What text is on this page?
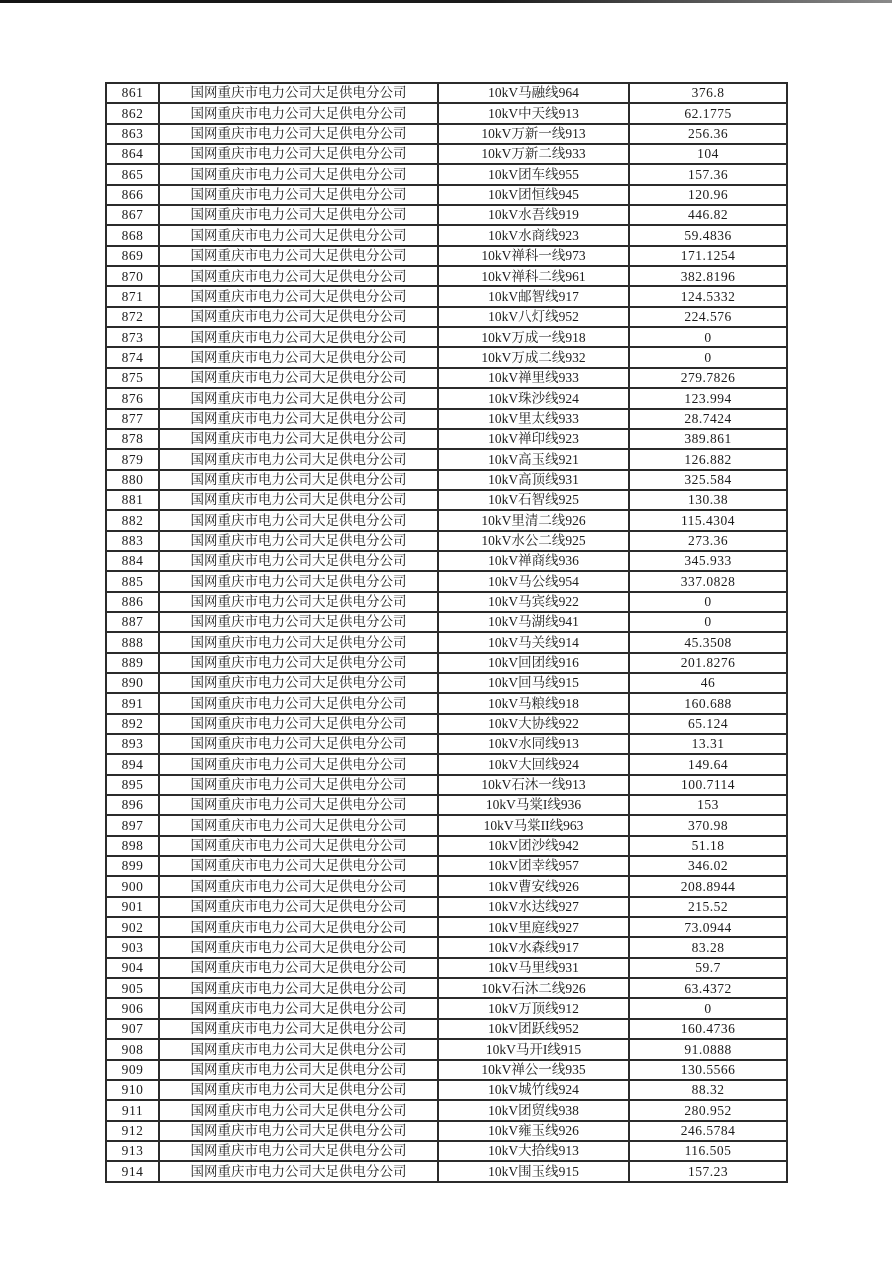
861	国网重庆市电力公司大足供电分公司	10kV马融线964	376.8
862	国网重庆市电力公司大足供电分公司	10kV中天线913	62.1775
863	国网重庆市电力公司大足供电分公司	10kV万新一线913	256.36
864	国网重庆市电力公司大足供电分公司	10kV万新二线933	104
865	国网重庆市电力公司大足供电分公司	10kV团车线955	157.36
866	国网重庆市电力公司大足供电分公司	10kV团恒线945	120.96
867	国网重庆市电力公司大足供电分公司	10kV水吾线919	446.82
868	国网重庆市电力公司大足供电分公司	10kV水商线923	59.4836
869	国网重庆市电力公司大足供电分公司	10kV禅科一线973	171.1254
870	国网重庆市电力公司大足供电分公司	10kV禅科二线961	382.8196
871	国网重庆市电力公司大足供电分公司	10kV邮智线917	124.5332
872	国网重庆市电力公司大足供电分公司	10kV八灯线952	224.576
873	国网重庆市电力公司大足供电分公司	10kV万成一线918	0
874	国网重庆市电力公司大足供电分公司	10kV万成二线932	0
875	国网重庆市电力公司大足供电分公司	10kV禅里线933	279.7826
876	国网重庆市电力公司大足供电分公司	10kV珠沙线924	123.994
877	国网重庆市电力公司大足供电分公司	10kV里太线933	28.7424
878	国网重庆市电力公司大足供电分公司	10kV禅印线923	389.861
879	国网重庆市电力公司大足供电分公司	10kV高玉线921	126.882
880	国网重庆市电力公司大足供电分公司	10kV高顶线931	325.584
881	国网重庆市电力公司大足供电分公司	10kV石智线925	130.38
882	国网重庆市电力公司大足供电分公司	10kV里清二线926	115.4304
883	国网重庆市电力公司大足供电分公司	10kV水公二线925	273.36
884	国网重庆市电力公司大足供电分公司	10kV禅商线936	345.933
885	国网重庆市电力公司大足供电分公司	10kV马公线954	337.0828
886	国网重庆市电力公司大足供电分公司	10kV马宾线922	0
887	国网重庆市电力公司大足供电分公司	10kV马湖线941	0
888	国网重庆市电力公司大足供电分公司	10kV马关线914	45.3508
889	国网重庆市电力公司大足供电分公司	10kV回团线916	201.8276
890	国网重庆市电力公司大足供电分公司	10kV回马线915	46
891	国网重庆市电力公司大足供电分公司	10kV马粮线918	160.688
892	国网重庆市电力公司大足供电分公司	10kV大协线922	65.124
893	国网重庆市电力公司大足供电分公司	10kV水同线913	13.31
894	国网重庆市电力公司大足供电分公司	10kV大回线924	149.64
895	国网重庆市电力公司大足供电分公司	10kV石沐一线913	100.7114
896	国网重庆市电力公司大足供电分公司	10kV马棠I线936	153
897	国网重庆市电力公司大足供电分公司	10kV马棠II线963	370.98
898	国网重庆市电力公司大足供电分公司	10kV团沙线942	51.18
899	国网重庆市电力公司大足供电分公司	10kV团幸线957	346.02
900	国网重庆市电力公司大足供电分公司	10kV曹安线926	208.8944
901	国网重庆市电力公司大足供电分公司	10kV水达线927	215.52
902	国网重庆市电力公司大足供电分公司	10kV里庭线927	73.0944
903	国网重庆市电力公司大足供电分公司	10kV水森线917	83.28
904	国网重庆市电力公司大足供电分公司	10kV马里线931	59.7
905	国网重庆市电力公司大足供电分公司	10kV石沐二线926	63.4372
906	国网重庆市电力公司大足供电分公司	10kV万顶线912	0
907	国网重庆市电力公司大足供电分公司	10kV团跃线952	160.4736
908	国网重庆市电力公司大足供电分公司	10kV马开I线915	91.0888
909	国网重庆市电力公司大足供电分公司	10kV禅公一线935	130.5566
910	国网重庆市电力公司大足供电分公司	10kV城竹线924	88.32
911	国网重庆市电力公司大足供电分公司	10kV团贸线938	280.952
912	国网重庆市电力公司大足供电分公司	10kV雍玉线926	246.5784
913	国网重庆市电力公司大足供电分公司	10kV大拾线913	116.505
914	国网重庆市电力公司大足供电分公司	10kV围玉线915	157.23
